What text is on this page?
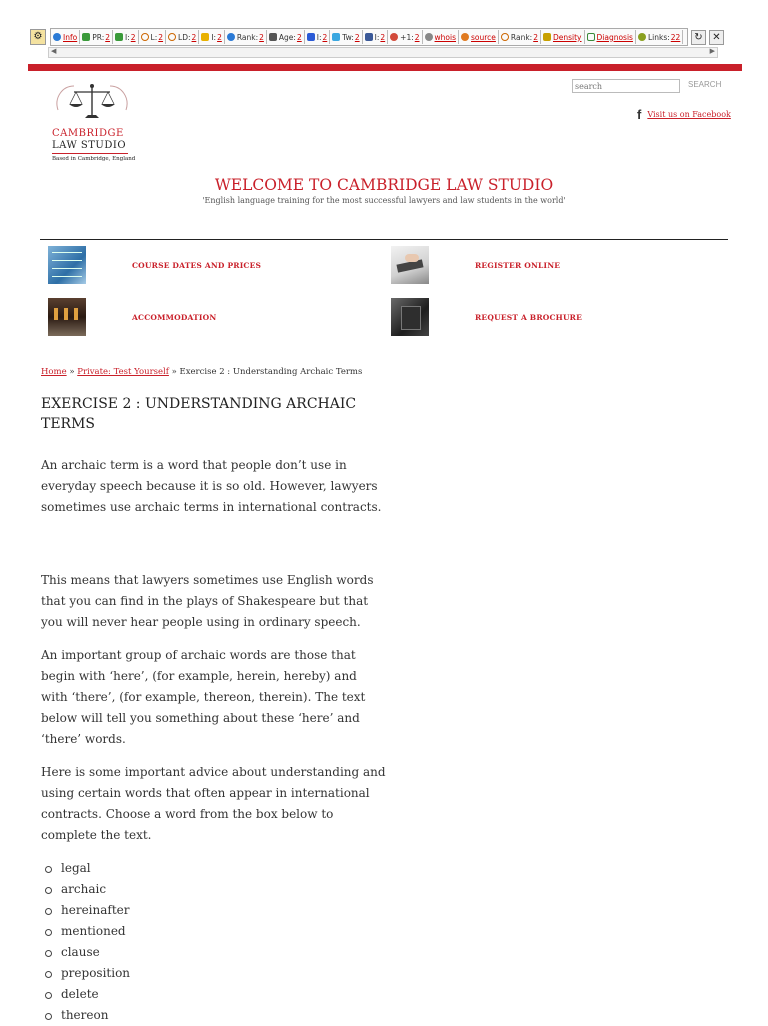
⚙	Info PR: 2 I: 2 L: 2 LD: 2 I: 2 Rank: 2 Age: 2 I: 2 Tw: 2 I: 2 +1: 2 whois source Rank: 2 Density Diagnosis Links: 22	↻ ✕
◀	▶
CAMBRIDGE
LAW STUDIO
Based in Cambridge, England
search
SEARCH
f Visit us on Facebook
WELCOME TO CAMBRIDGE LAW STUDIO
'English language training for the most successful lawyers and law students in the world'
COURSE DATES AND PRICES	REGISTER ONLINE
ACCOMMODATION	REQUEST A BROCHURE
Home » Private: Test Yourself » Exercise 2 : Understanding Archaic Terms
EXERCISE 2 : UNDERSTANDING ARCHAIC TERMS

An archaic term is a word that people don’t use in everyday speech because it is so old. However, lawyers sometimes use archaic terms in international contracts.

This means that lawyers sometimes use English words that you can find in the plays of Shakespeare but that you will never hear people using in ordinary speech.

An important group of archaic words are those that begin with ‘here’, (for example, herein, hereby) and with ‘there’, (for example, thereon, therein). The text below will tell you something about these ‘here’ and ‘there’ words.

Here is some important advice about understanding and using certain words that often appear in international contracts. Choose a word from the box below to complete the text.

legal
archaic
hereinafter
mentioned
clause
preposition
delete
thereon
